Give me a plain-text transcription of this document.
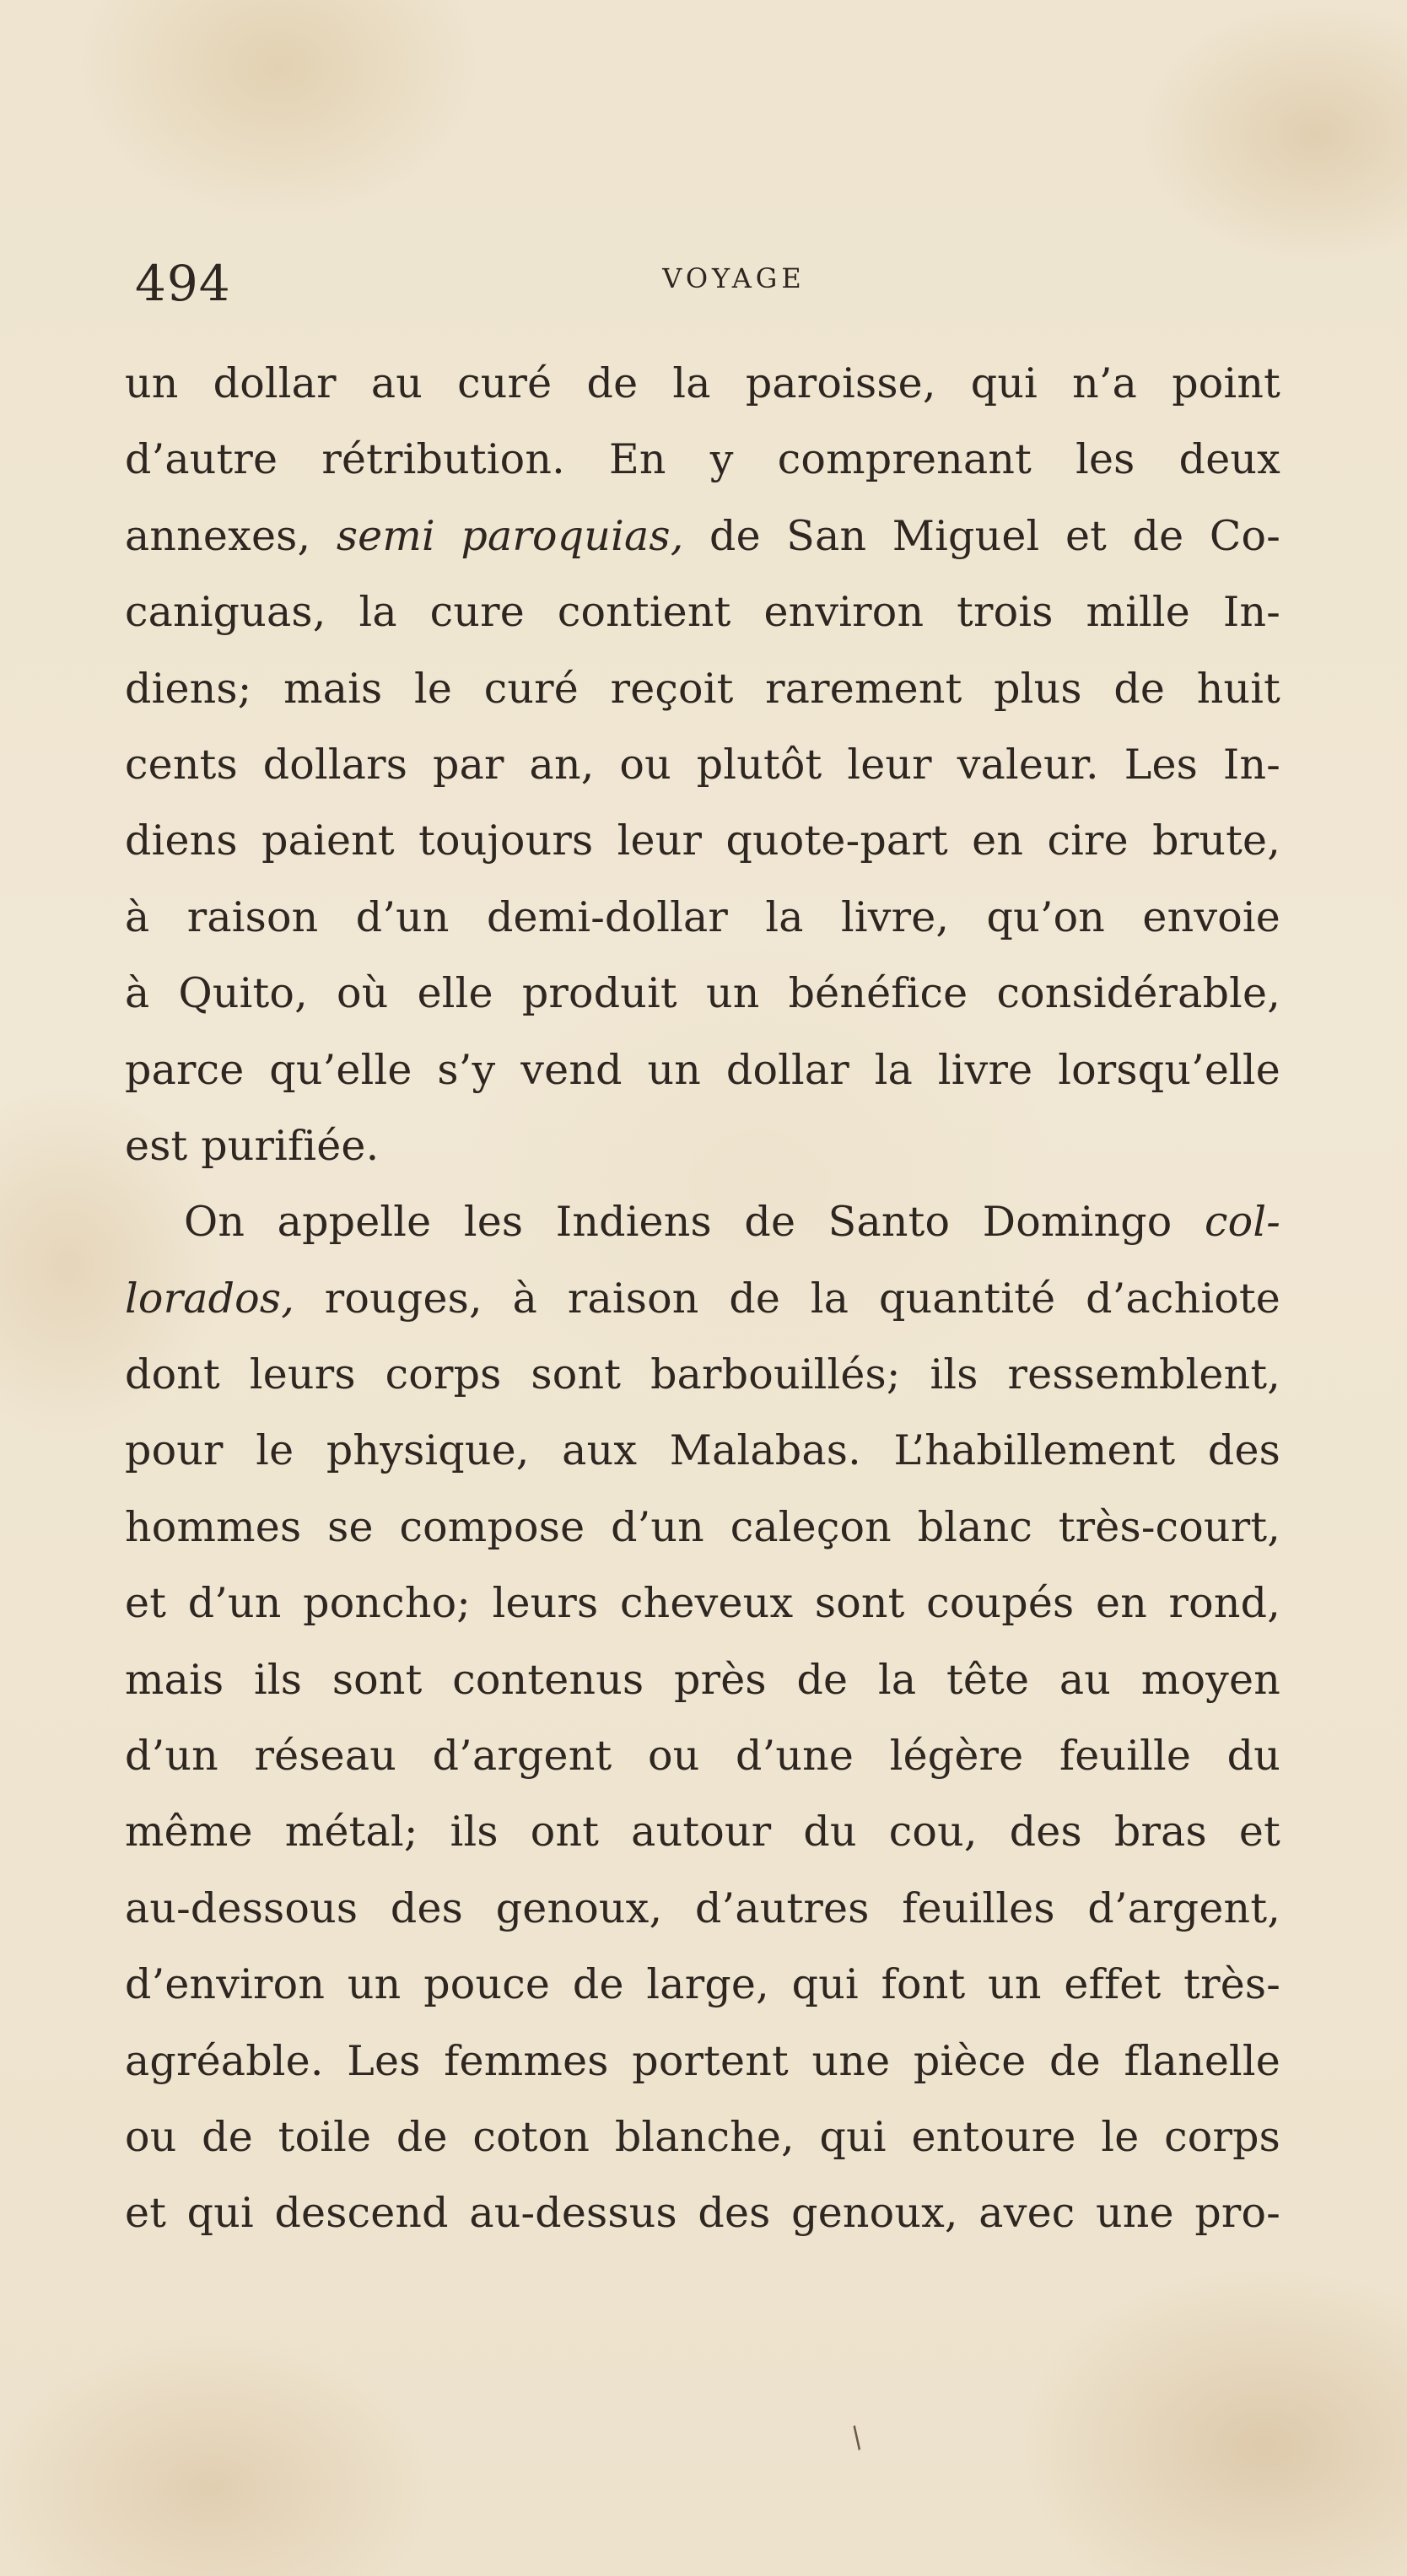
494	VOYAGE
un dollar au curé de la paroisse, qui n’a point
d’autre rétribution. En y comprenant les deux
annexes, semi paroquias, de San Miguel et de Co-
caniguas, la cure contient environ trois mille In-
diens; mais le curé reçoit rarement plus de huit
cents dollars par an, ou plutôt leur valeur. Les In-
diens paient toujours leur quote-part en cire brute,
à raison d’un demi-dollar la livre, qu’on envoie
à Quito, où elle produit un bénéfice considérable,
parce qu’elle s’y vend un dollar la livre lorsqu’elle
est purifiée.
On appelle les Indiens de Santo Domingo col-
lorados, rouges, à raison de la quantité d’achiote
dont leurs corps sont barbouillés; ils ressemblent,
pour le physique, aux Malabas. L’habillement des
hommes se compose d’un caleçon blanc très-court,
et d’un poncho; leurs cheveux sont coupés en rond,
mais ils sont contenus près de la tête au moyen
d’un réseau d’argent ou d’une légère feuille du
même métal; ils ont autour du cou, des bras et
au-dessous des genoux, d’autres feuilles d’argent,
d’environ un pouce de large, qui font un effet très-
agréable. Les femmes portent une pièce de flanelle
ou de toile de coton blanche, qui entoure le corps
et qui descend au-dessus des genoux, avec une pro-
/
